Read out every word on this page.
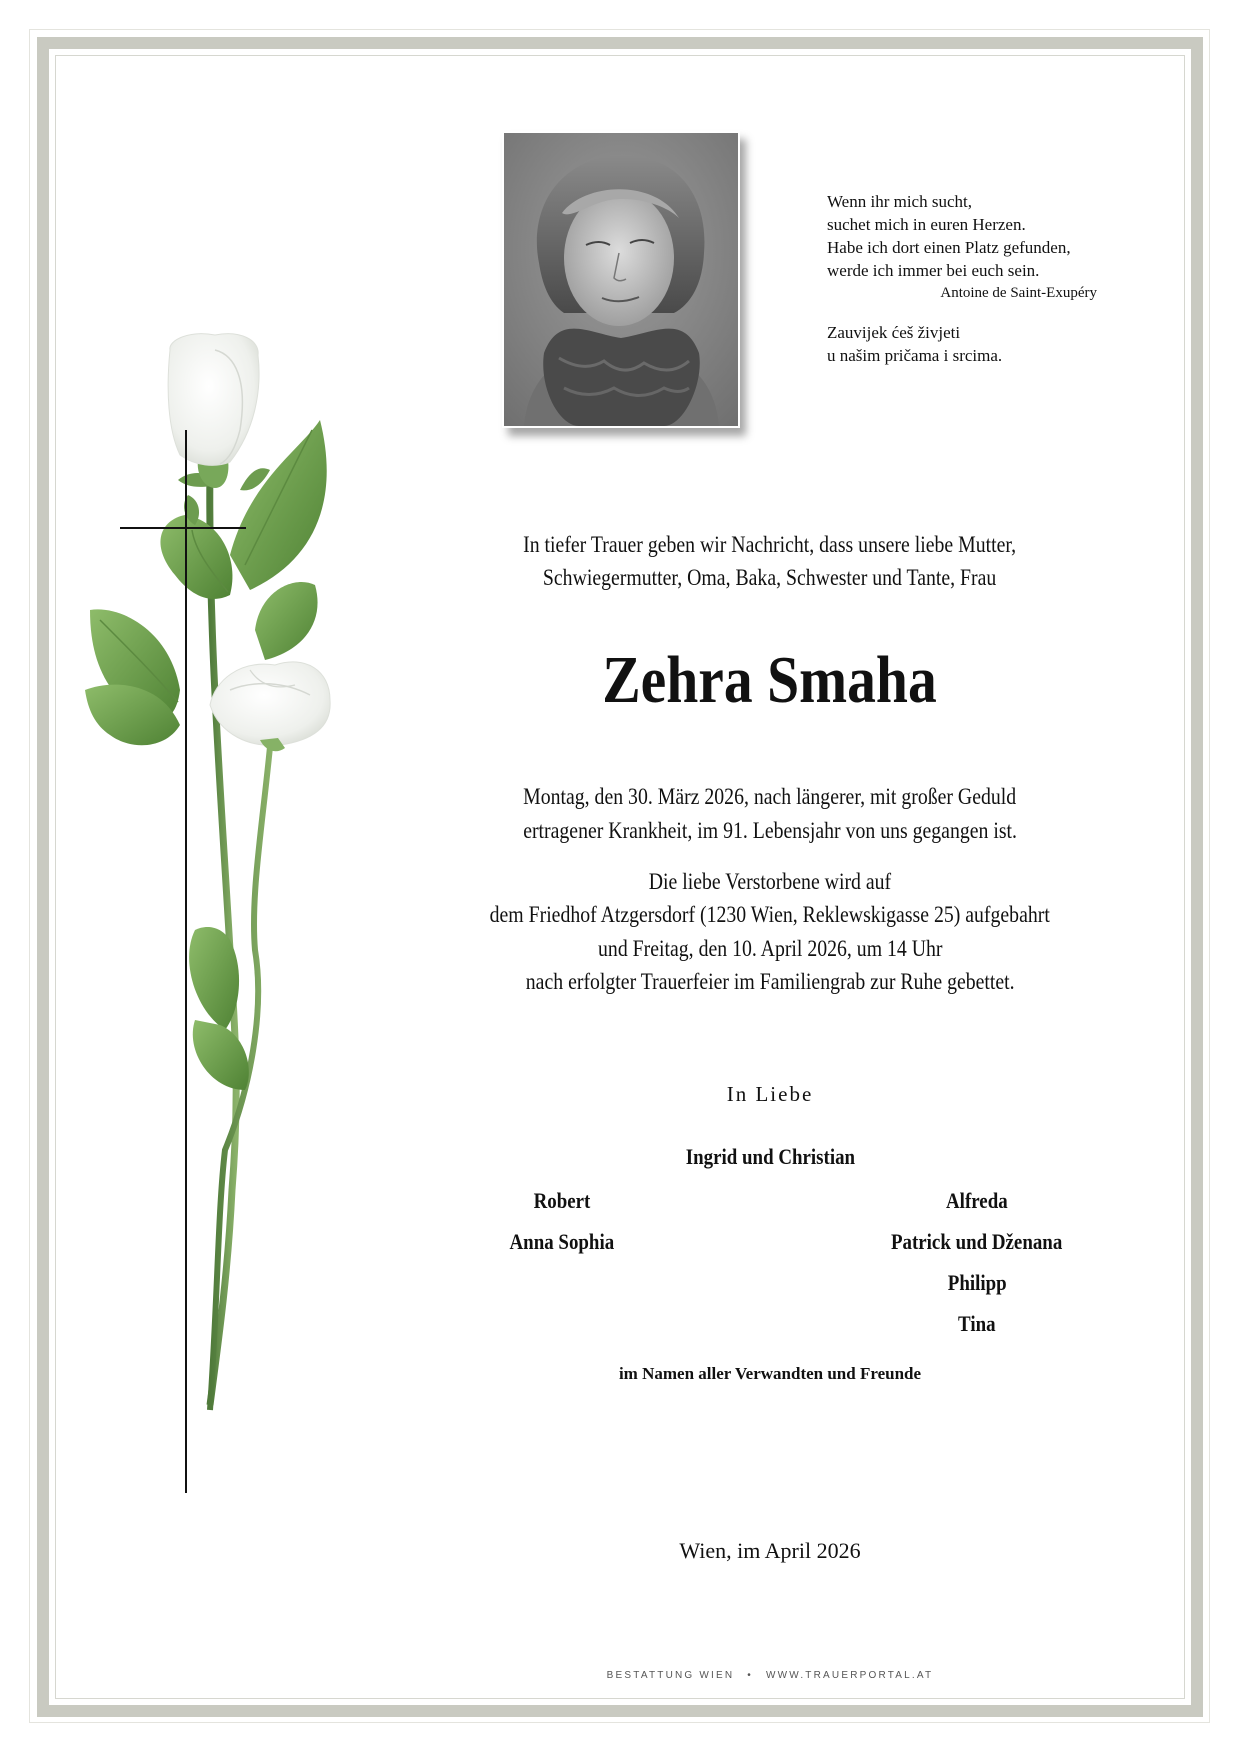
Wenn ihr mich sucht,
suchet mich in euren Herzen.
Habe ich dort einen Platz gefunden,
werde ich immer bei euch sein.
Antoine de Saint-Exupéry
Zauvijek ćeš živjeti
u našim pričama i srcima.
In tiefer Trauer geben wir Nachricht, dass unsere liebe Mutter,
Schwiegermutter, Oma, Baka, Schwester und Tante, Frau
Zehra Smaha
Montag, den 30. März 2026, nach längerer, mit großer Geduld
ertragener Krankheit, im 91. Lebensjahr von uns gegangen ist.
Die liebe Verstorbene wird auf
dem Friedhof Atzgersdorf (1230 Wien, Reklewskigasse 25) aufgebahrt
und Freitag, den 10. April 2026, um 14 Uhr
nach erfolgter Trauerfeier im Familiengrab zur Ruhe gebettet.
In Liebe
Ingrid und Christian
Robert
Anna Sophia
Alfreda
Patrick und Dženana
Philipp
Tina
im Namen aller Verwandten und Freunde
Wien, im April 2026
BESTATTUNG WIEN • WWW.TRAUERPORTAL.AT
